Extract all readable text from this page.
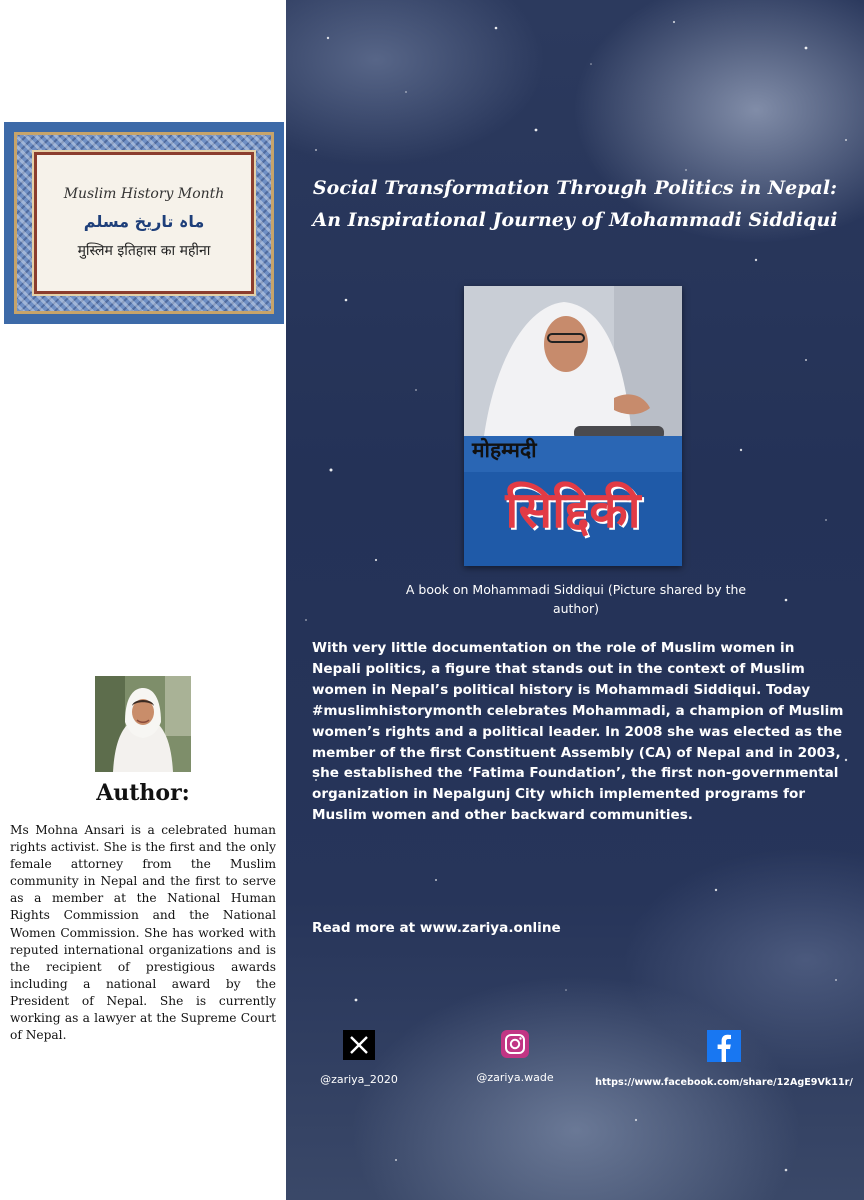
Muslim History Month
ماہ تاریخ مسلم
मुस्लिम इतिहास का महीना
Author:

Ms Mohna Ansari is a celebrated human rights activist. She is the first and the only female attorney from the Muslim community in Nepal and the first to serve as a member at the National Human Rights Commission and the National Women Commission. She has worked with reputed international organizations and is the recipient of prestigious awards including a national award by the President of Nepal. She is currently working as a lawyer at the Supreme Court of Nepal.

Social Transformation Through Politics in Nepal: An Inspirational Journey of Mohammadi Siddiqui
मोहम्मदी
सिद्दिकी

A book on Mohammadi Siddiqui (Picture shared by the author)

With very little documentation on the role of Muslim women in Nepali politics, a figure that stands out in the context of Muslim women in Nepal’s political history is Mohammadi Siddiqui. Today #muslimhistorymonth celebrates Mohammadi, a champion of Muslim women’s rights and a political leader. In 2008 she was elected as the member of the first Constituent Assembly (CA) of Nepal and in 2003, she established the ‘Fatima Foundation’, the first non-governmental organization in Nepalgunj City which implemented programs for Muslim women and other backward communities.

Read more at www.zariya.online

@zariya_2020	@zariya.wade	https://www.facebook.com/share/12AgE9Vk11r/
